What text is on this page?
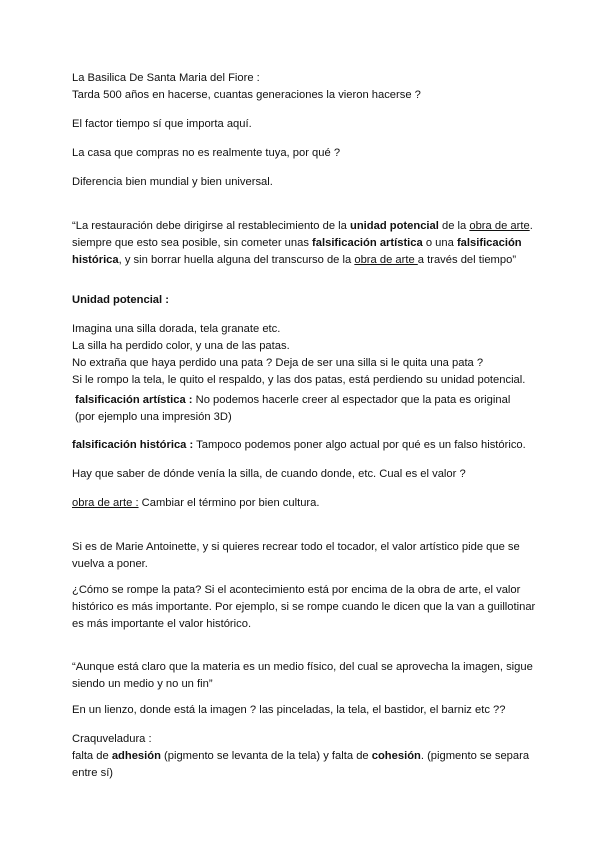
La Basilica De Santa Maria del Fiore :
Tarda 500 años en hacerse, cuantas generaciones la vieron hacerse ?

El factor tiempo sí que importa aquí.

La casa que compras no es realmente tuya, por qué ?

Diferencia bien mundial y bien universal.

“La restauración debe dirigirse al restablecimiento de la unidad potencial de la obra de arte. siempre que esto sea posible, sin cometer unas falsificación artística o una falsificación histórica, y sin borrar huella alguna del transcurso de la obra de arte a través del tiempo”

Unidad potencial :

Imagina una silla dorada, tela granate etc.
La silla ha perdido color, y una de las patas.
No extraña que haya perdido una pata ? Deja de ser una silla si le quita una pata ?
Si le rompo la tela, le quito el respaldo, y las dos patas, está perdiendo su unidad potencial.

falsificación artística : No podemos hacerle creer al espectador que la pata es original
(por ejemplo una impresión 3D)

falsificación histórica : Tampoco podemos poner algo actual por qué es un falso histórico.

Hay que saber de dónde venía la silla, de cuando donde, etc. Cual es el valor ?

obra de arte : Cambiar el término por bien cultura.

Si es de Marie Antoinette, y si quieres recrear todo el tocador, el valor artístico pide que se vuelva a poner.

¿Cómo se rompe la pata? Si el acontecimiento está por encima de la obra de arte, el valor histórico es más importante. Por ejemplo, si se rompe cuando le dicen que la van a guillotinar es más importante el valor histórico.

“Aunque está claro que la materia es un medio físico, del cual se aprovecha la imagen, sigue siendo un medio y no un fin”

En un lienzo, donde está la imagen ? las pinceladas, la tela, el bastidor, el barniz etc ??

Craquveladura :
falta de adhesión (pigmento se levanta de la tela) y falta de cohesión. (pigmento se separa entre sí)
